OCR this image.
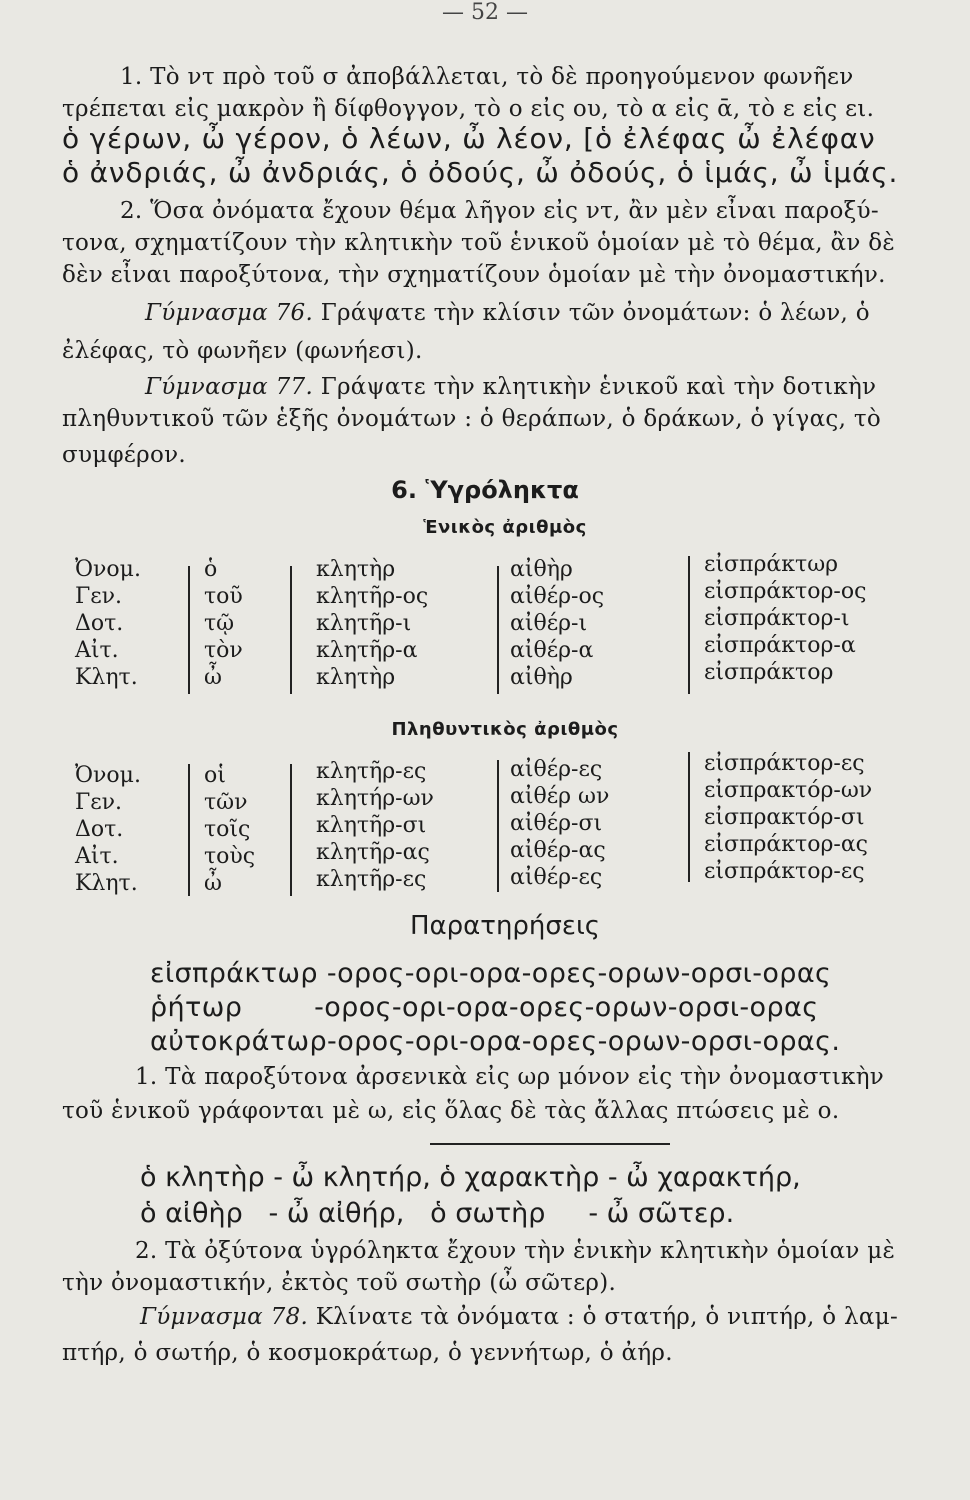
— 52 —
1. Τὸ ντ πρὸ τοῦ σ ἀποβάλλεται, τὸ δὲ προηγούμενον φωνῆεν
τρέπεται εἰς μακρὸν ἢ δίφθογγον, τὸ ο εἰς ου, τὸ α εἰς ᾱ, τὸ ε εἰς ει.
ὁ γέρων, ὦ γέρον, ὁ λέων, ὦ λέον, [ὁ ἐλέφας ὦ ἐλέφαν
ὁ ἀνδριάς, ὦ ἀνδριάς, ὁ ὀδούς, ὦ ὀδούς, ὁ ἱμάς, ὦ ἱμάς.
2. Ὅσα ὀνόματα ἔχουν θέμα λῆγον εἰς ντ, ἂν μὲν εἶναι παροξύ-
τονα, σχηματίζουν τὴν κλητικὴν τοῦ ἑνικοῦ ὁμοίαν μὲ τὸ θέμα, ἂν δὲ
δὲν εἶναι παροξύτονα, τὴν σχηματίζουν ὁμοίαν μὲ τὴν ὀνομαστικήν.
Γύμνασμα 76. Γράψατε τὴν κλίσιν τῶν ὀνομάτων: ὁ λέων, ὁ
ἐλέφας, τὸ φωνῆεν (φωνήεσι).
Γύμνασμα 77. Γράψατε τὴν κλητικὴν ἑνικοῦ καὶ τὴν δοτικὴν
πληθυντικοῦ τῶν ἑξῆς ὀνομάτων : ὁ θεράπων, ὁ δράκων, ὁ γίγας, τὸ
συμφέρον.
6. Ὑγρόληκτα
Ἑνικὸς ἀριθμὸς
Ὀνομ.
Γεν.
Δοτ.
Αἰτ.
Κλητ.
ὁ
τοῦ
τῷ
τὸν
ὦ
κλητὴρ
κλητῆρ-ος
κλητῆρ-ι
κλητῆρ-α
κλητὴρ
αἰθὴρ
αἰθέρ-ος
αἰθέρ-ι
αἰθέρ-α
αἰθὴρ
εἰσπράκτωρ
εἰσπράκτορ-ος
εἰσπράκτορ-ι
εἰσπράκτορ-α
εἰσπράκτορ
Πληθυντικὸς ἀριθμὸς
Ὀνομ.
Γεν.
Δοτ.
Αἰτ.
Κλητ.
οἱ
τῶν
τοῖς
τοὺς
ὦ
κλητῆρ-ες
κλητήρ-ων
κλητῆρ-σι
κλητῆρ-ας
κλητῆρ-ες
αἰθέρ-ες
αἰθέρ ων
αἰθέρ-σι
αἰθέρ-ας
αἰθέρ-ες
εἰσπράκτορ-ες
εἰσπρακτόρ-ων
εἰσπρακτόρ-σι
εἰσπράκτορ-ας
εἰσπράκτορ-ες
Παρατηρήσεις
εἰσπράκτωρ -ορος-ορι-ορα-ορες-ορων-ορσι-ορας
ῥήτωρ        -ορος-ορι-ορα-ορες-ορων-ορσι-ορας
αὐτοκράτωρ-ορος-ορι-ορα-ορες-ορων-ορσι-ορας.
1. Τὰ παροξύτονα ἀρσενικὰ εἰς ωρ μόνον εἰς τὴν ὀνομαστικὴν
τοῦ ἑνικοῦ γράφονται μὲ ω, εἰς ὅλας δὲ τὰς ἄλλας πτώσεις μὲ ο.
ὁ κλητὴρ - ὦ κλητήρ, ὁ χαρακτὴρ - ὦ χαρακτήρ,
ὁ αἰθὴρ   - ὦ αἰθήρ,   ὁ σωτὴρ     - ὦ σῶτερ.
2. Τὰ ὀξύτονα ὑγρόληκτα ἔχουν τὴν ἑνικὴν κλητικὴν ὁμοίαν μὲ
τὴν ὀνομαστικήν, ἐκτὸς τοῦ σωτὴρ (ὦ σῶτερ).
Γύμνασμα 78. Κλίνατε τὰ ὀνόματα : ὁ στατήρ, ὁ νιπτήρ, ὁ λαμ-
πτήρ, ὁ σωτήρ, ὁ κοσμοκράτωρ, ὁ γεννήτωρ, ὁ ἀήρ.
